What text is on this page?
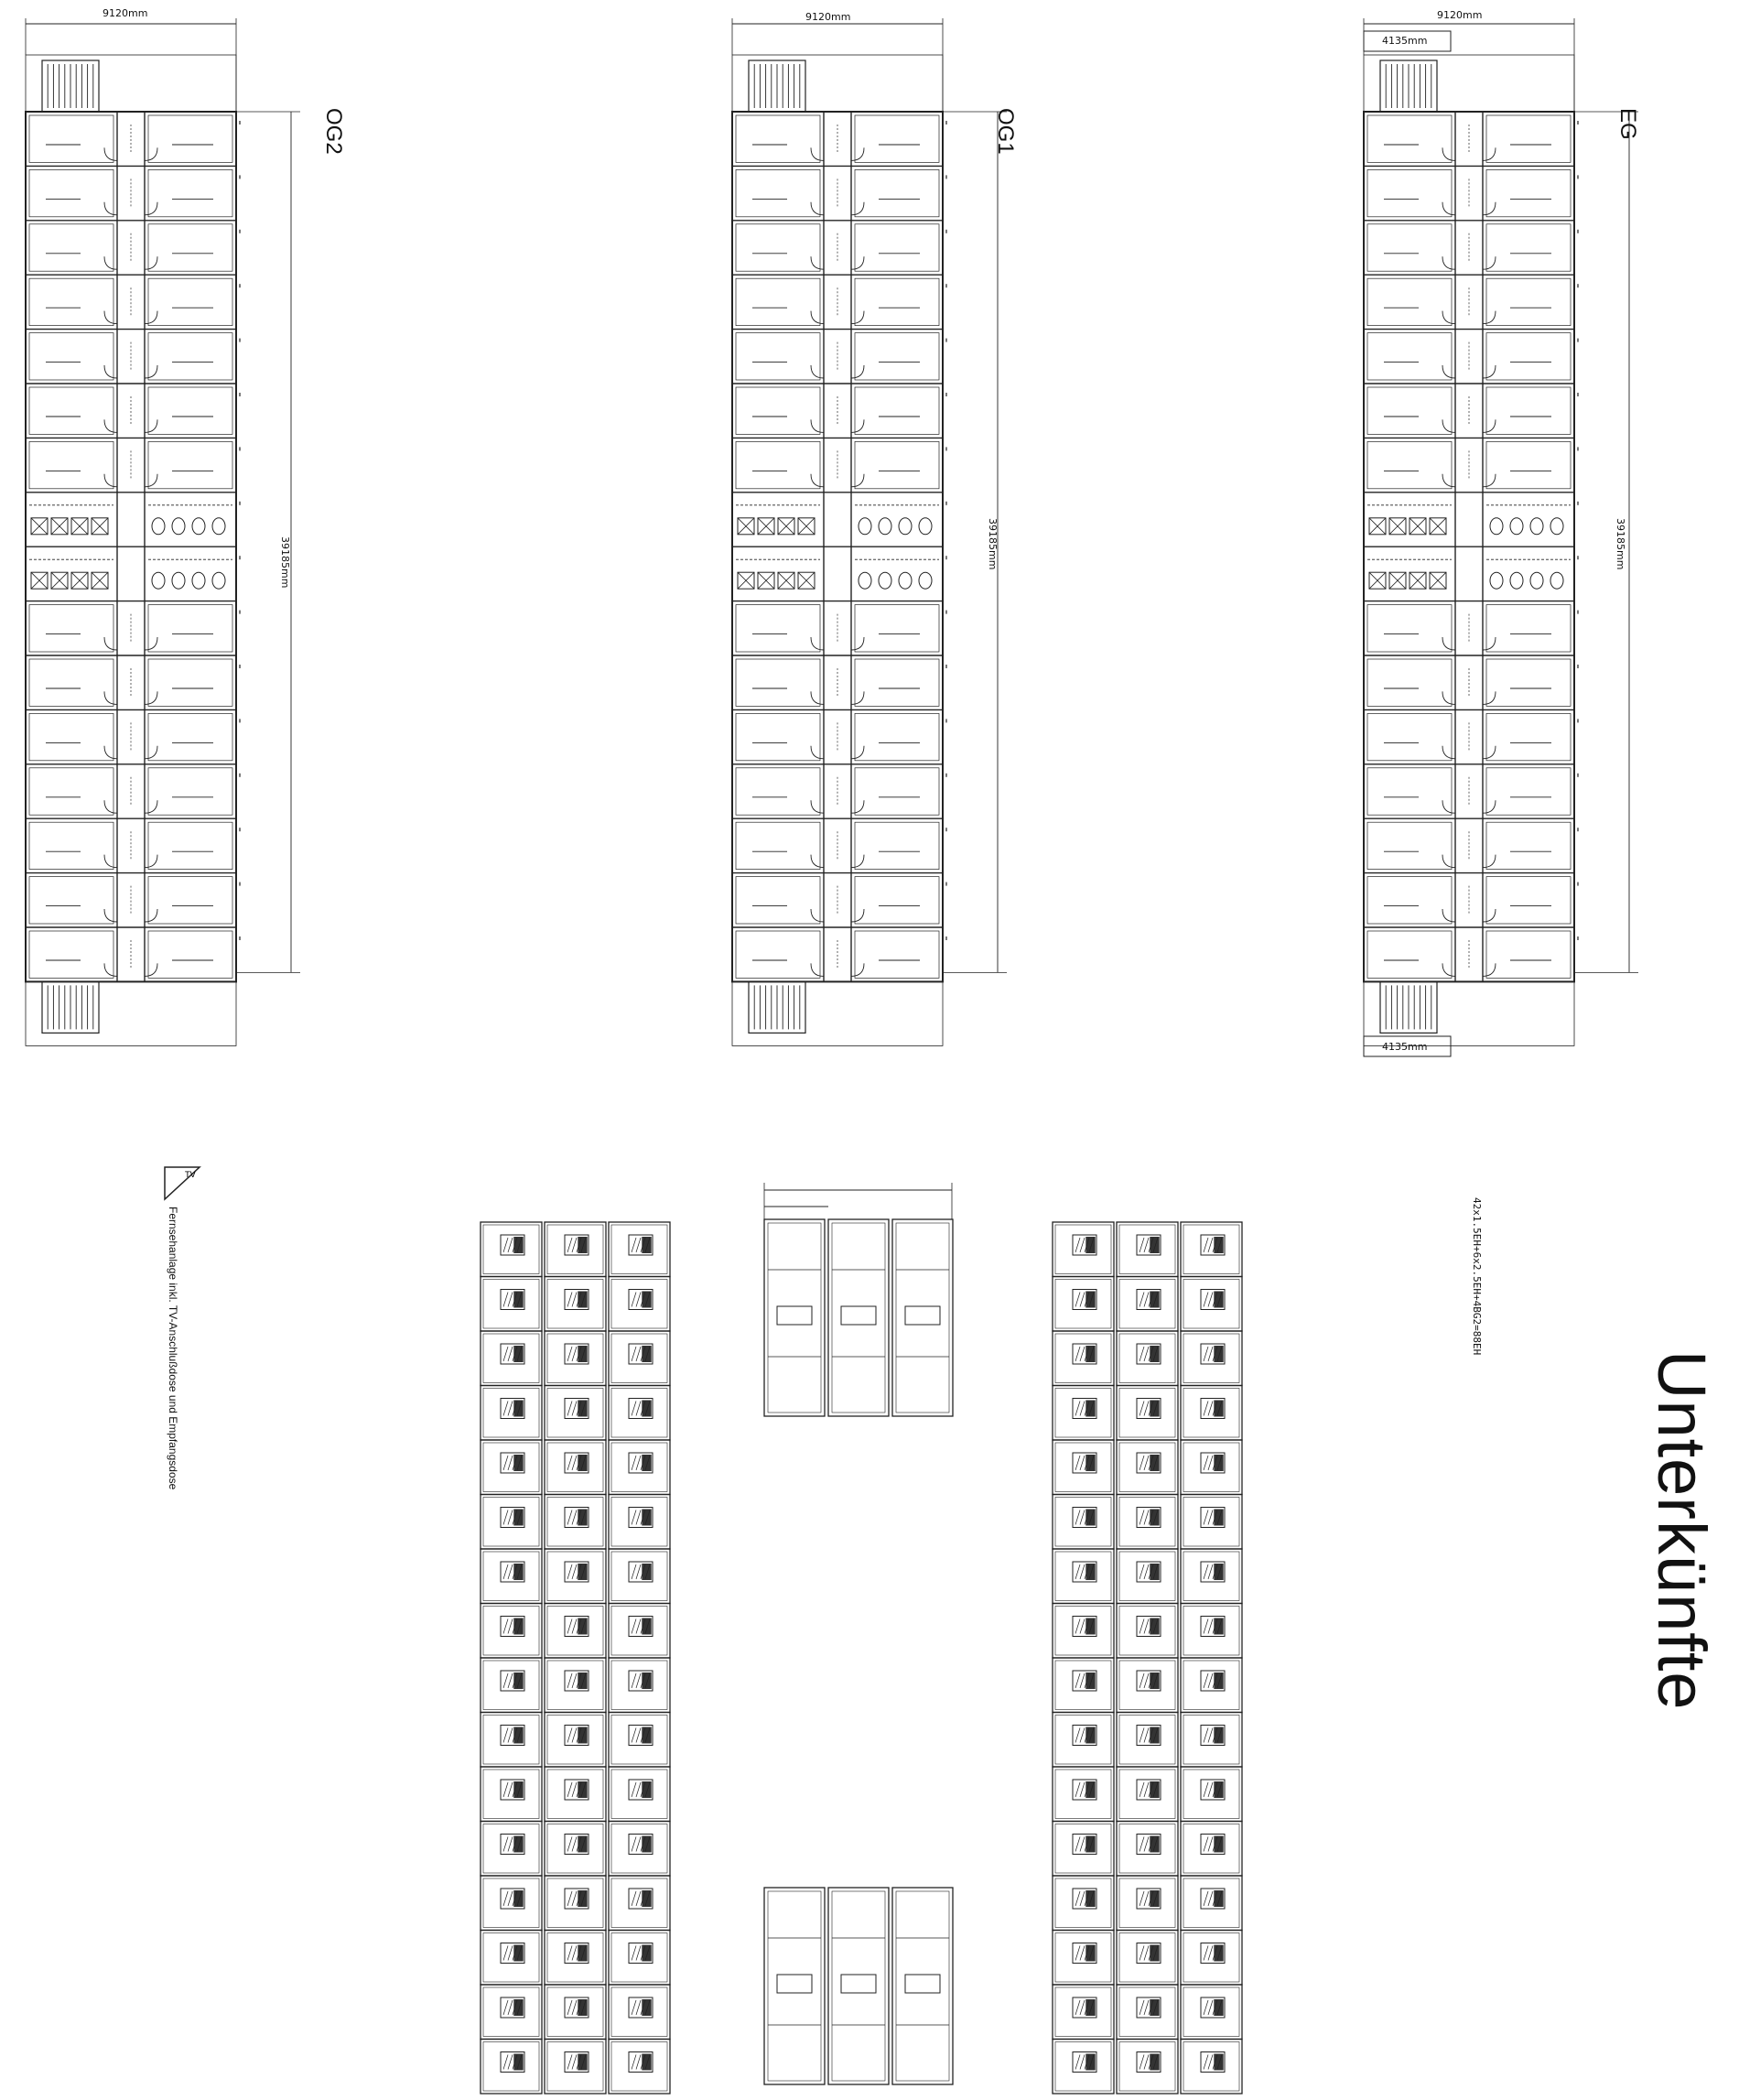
TV
OG2	OG1	EG
9120mm	9120mm	9120mm
4135mm
4135mm
39185mm	39185mm	39185mm
Fernsehanlage inkl. TV-Anschlußdose und Empfangsdose	42x1.5EH+6x2.5EH+4BG2=88EH
Unterkünfte
